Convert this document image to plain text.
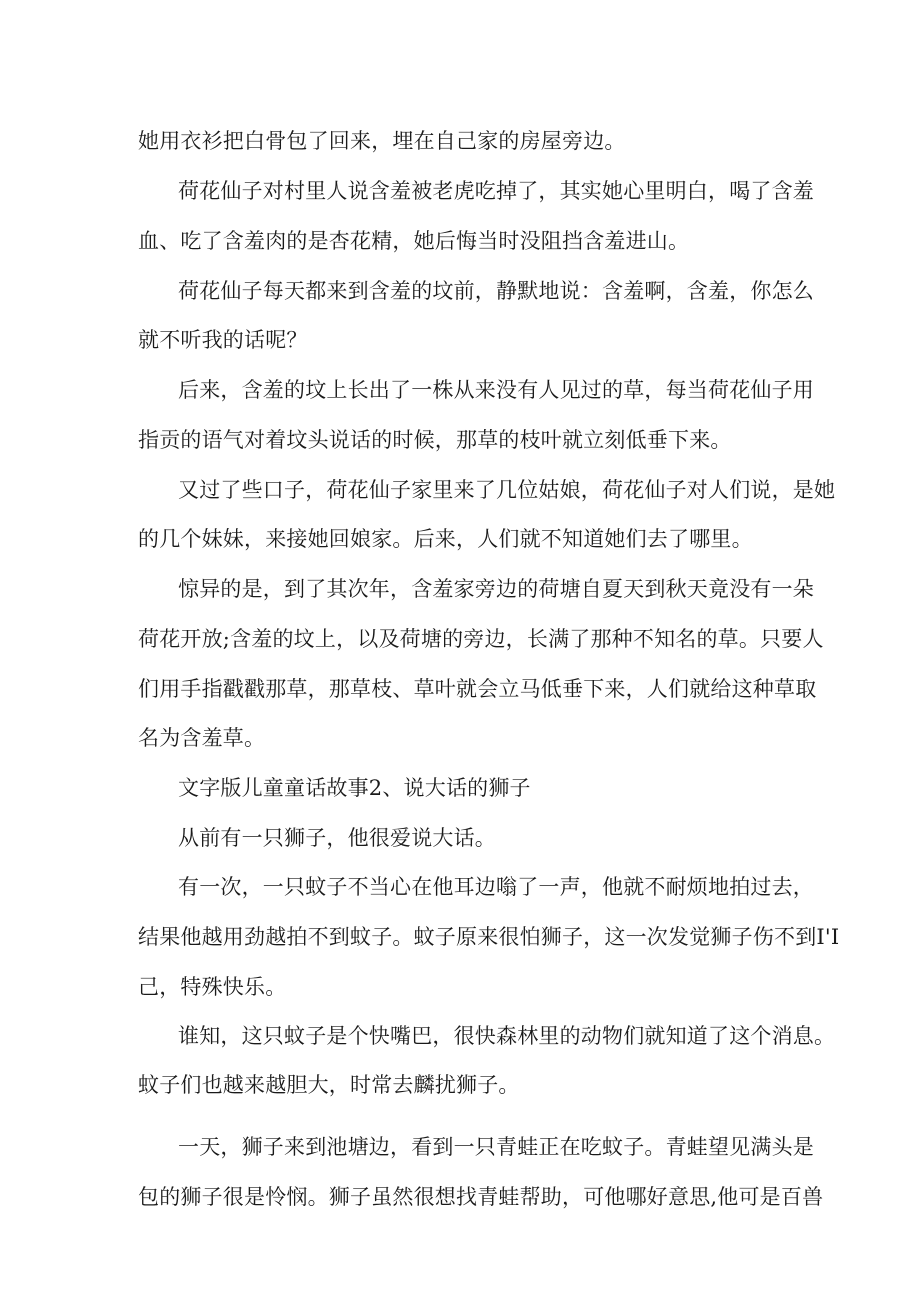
她用衣衫把白骨包了回来，埋在自己家的房屋旁边。
荷花仙子对村里人说含羞被老虎吃掉了，其实她心里明白，喝了含羞
血、吃了含羞肉的是杏花精，她后悔当时没阻挡含羞进山。
荷花仙子每天都来到含羞的坟前，静默地说：含羞啊，含羞，你怎么
就不听我的话呢？
后来，含羞的坟上长出了一株从来没有人见过的草，每当荷花仙子用
指贡的语气对着坟头说话的时候，那草的枝叶就立刻低垂下来。
又过了些口子，荷花仙子家里来了几位姑娘，荷花仙子对人们说，是她
的几个妹妹，来接她回娘家。后来，人们就不知道她们去了哪里。
惊异的是，到了其次年，含羞家旁边的荷塘自夏天到秋天竟没有一朵
荷花开放;含羞的坟上，以及荷塘的旁边，长满了那种不知名的草。只要人
们用手指戳戳那草，那草枝、草叶就会立马低垂下来，人们就给这种草取
名为含羞草。
文字版儿童童话故事2、说大话的狮子
从前有一只狮子，他很爱说大话。
有一次，一只蚊子不当心在他耳边嗡了一声，他就不耐烦地拍过去，
结果他越用劲越拍不到蚊子。蚊子原来很怕狮子，这一次发觉狮子伤不到I'I
己，特殊快乐。
谁知，这只蚊子是个快嘴巴，很快森林里的动物们就知道了这个消息。
蚊子们也越来越胆大，时常去麟扰狮子。
一天，狮子来到池塘边，看到一只青蛙正在吃蚊子。青蛙望见满头是
包的狮子很是怜悯。狮子虽然很想找青蛙帮助，可他哪好意思,他可是百兽
